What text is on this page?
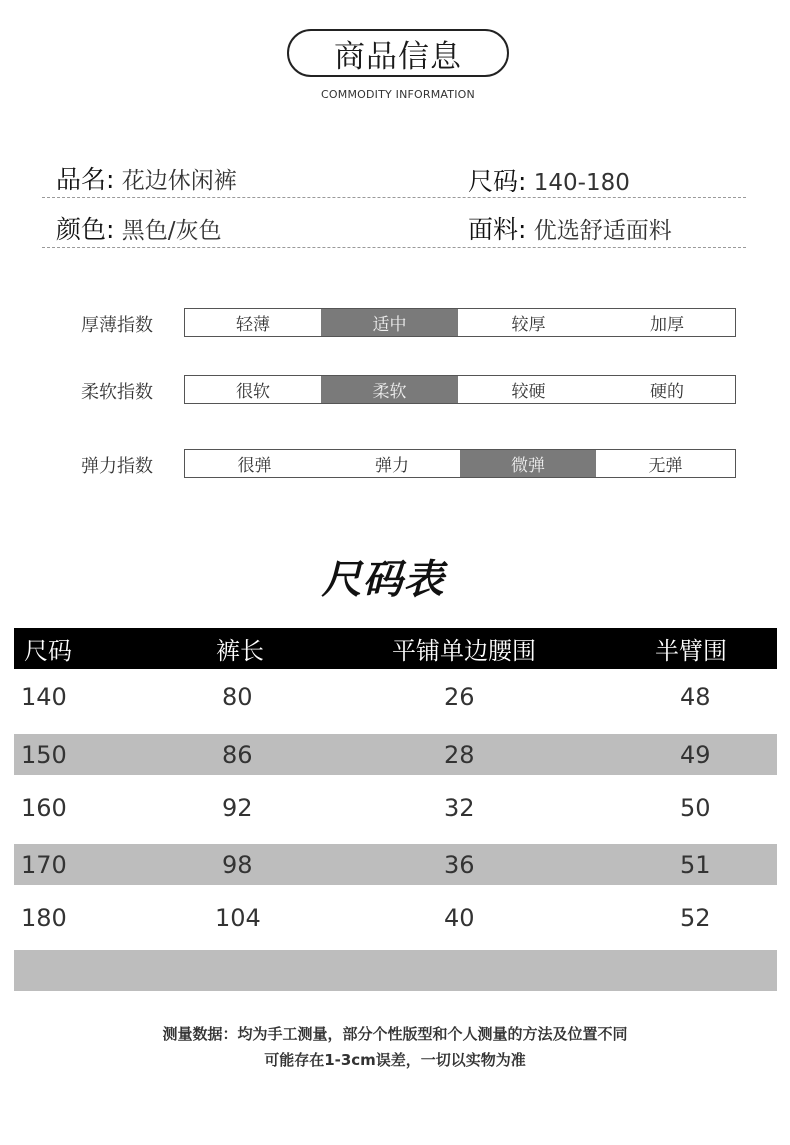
商品信息
COMMODITY INFORMATION
品名: 花边休闲裤	尺码: 140-180
颜色: 黑色/灰色	面料: 优选舒适面料
厚薄指数	轻薄	适中	较厚	加厚
柔软指数	很软	柔软	较硬	硬的
弹力指数	很弹	弹力	微弹	无弹
尺码表
尺码	裤长	平铺单边腰围	半臂围
140	80	26	48
150	86	28	49
160	92	32	50
170	98	36	51
180	104	40	52
测量数据：均为手工测量，部分个性版型和个人测量的方法及位置不同
可能存在1-3cm误差，一切以实物为准
